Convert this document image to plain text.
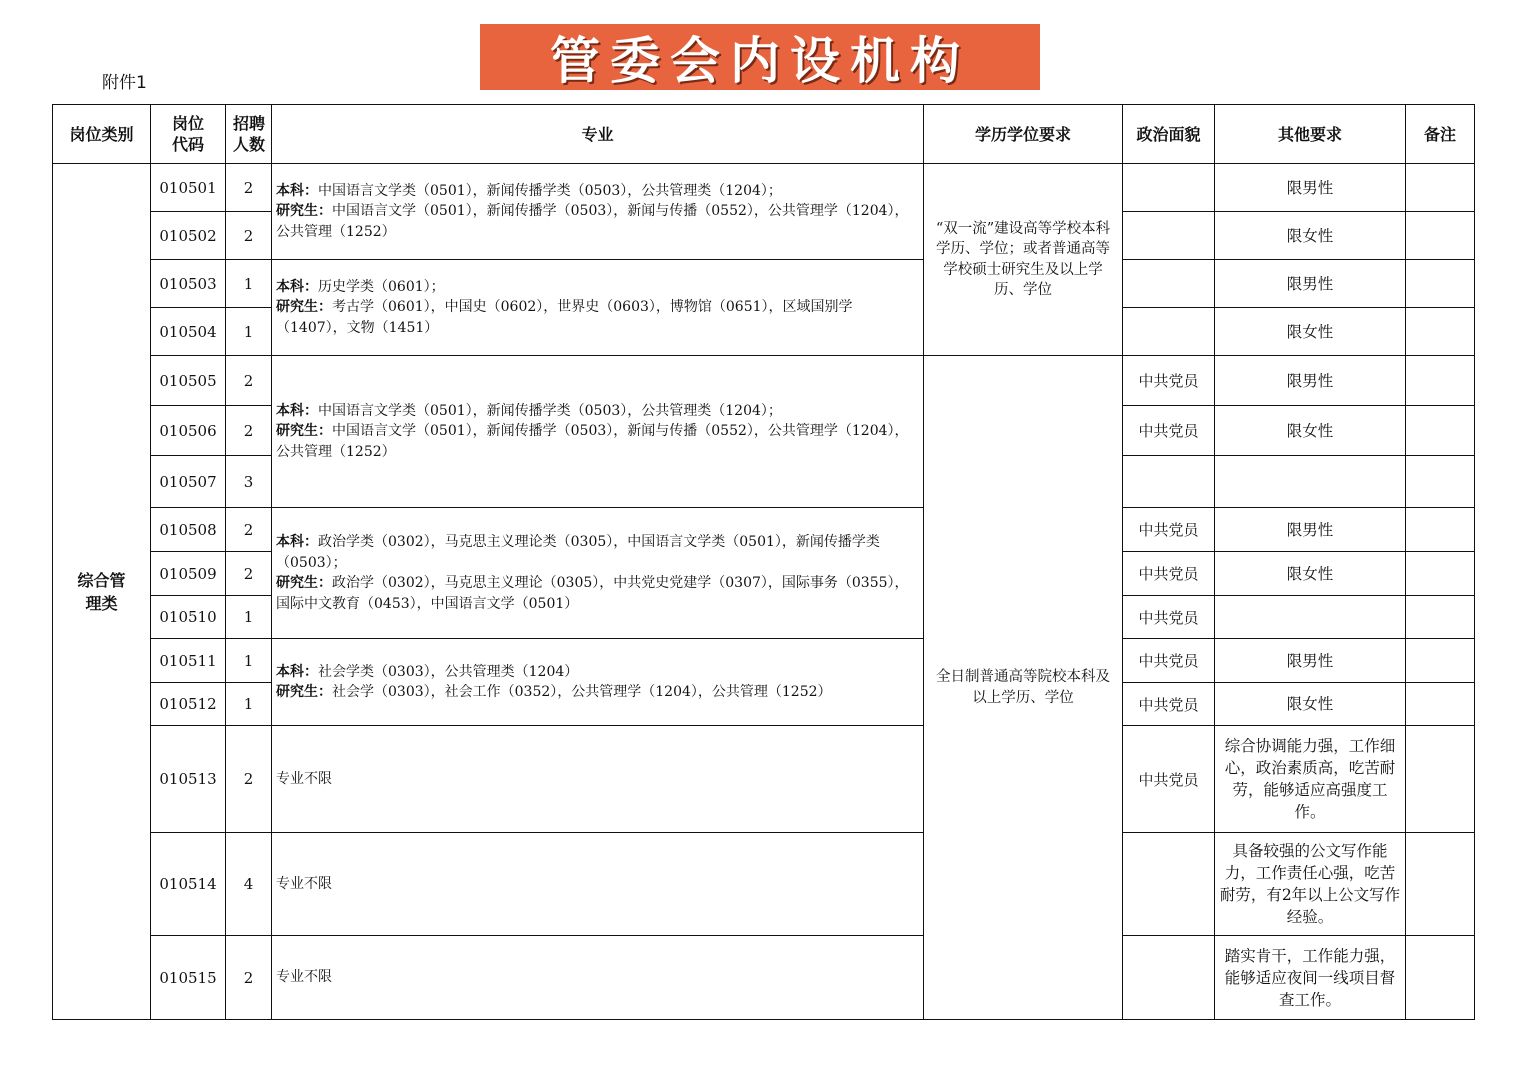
附件1	管委会内设机构
岗位类别	岗位代码	招聘人数	专业	学历学位要求	政治面貌	其他要求	备注

综合管理类	010501	2	本科：中国语言文学类（0501），新闻传播学类（0503），公共管理类（1204）；
研究生：中国语言文学（0501），新闻传播学（0503），新闻与传播（0552），公共管理学（1204），公共管理（1252）	“双一流”建设高等学校本科学历、学位；或者普通高等学校硕士研究生及以上学历、学位		限男性	
	010502	2				限女性	
	010503	1	本科：历史学类（0601）；
研究生：考古学（0601），中国史（0602），世界史（0603），博物馆（0651），区域国别学（1407），文物（1451）			限男性	
	010504	1				限女性	
	010505	2	本科：中国语言文学类（0501），新闻传播学类（0503），公共管理类（1204）；
研究生：中国语言文学（0501），新闻传播学（0503），新闻与传播（0552），公共管理学（1204），公共管理（1252）	全日制普通高等院校本科及以上学历、学位	中共党员	限男性	
	010506	2			中共党员	限女性	
	010507	3					
	010508	2	本科：政治学类（0302），马克思主义理论类（0305），中国语言文学类（0501），新闻传播学类（0503）；
研究生：政治学（0302），马克思主义理论（0305），中共党史党建学（0307），国际事务（0355），国际中文教育（0453），中国语言文学（0501）		中共党员	限男性	
	010509	2			中共党员	限女性	
	010510	1			中共党员		
	010511	1	本科：社会学类（0303），公共管理类（1204）
研究生：社会学（0303），社会工作（0352），公共管理学（1204），公共管理（1252）		中共党员	限男性	
	010512	1			中共党员	限女性	
	010513	2	专业不限		中共党员	综合协调能力强，工作细心，政治素质高，吃苦耐劳，能够适应高强度工作。	
	010514	4	专业不限			具备较强的公文写作能力，工作责任心强，吃苦耐劳，有2年以上公文写作经验。	
	010515	2	专业不限			踏实肯干，工作能力强，能够适应夜间一线项目督查工作。	
